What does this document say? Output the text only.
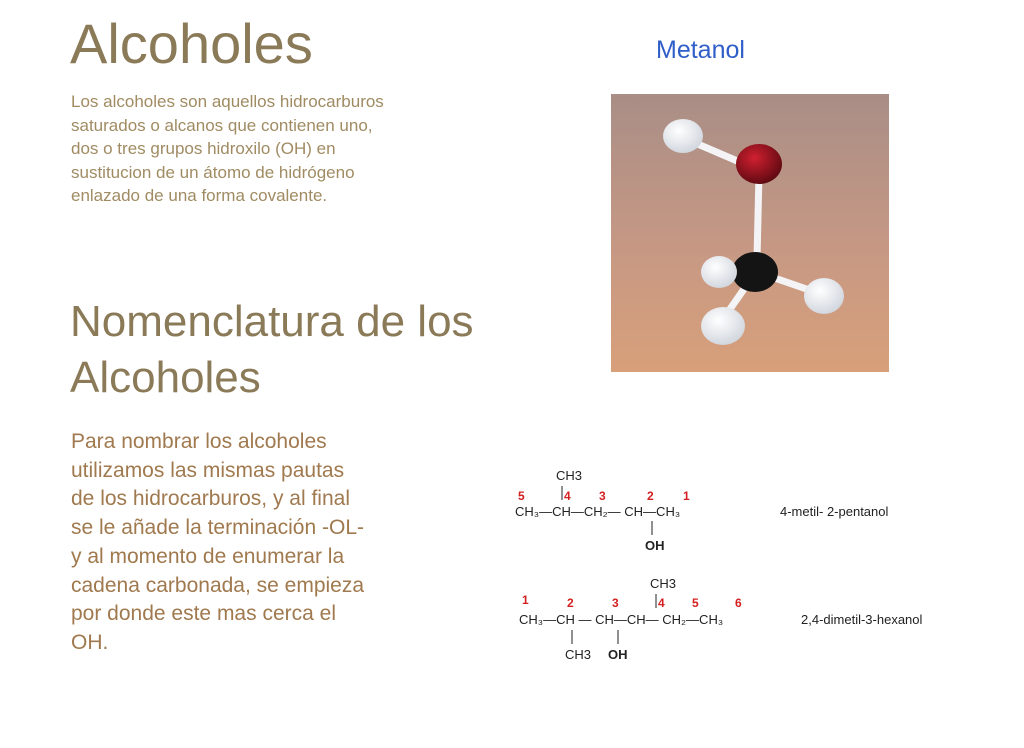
Alcoholes
Los alcoholes son aquellos hidrocarburos saturados o alcanos que contienen uno, dos o tres grupos hidroxilo (OH) en sustitucion de un átomo de hidrógeno enlazado de una forma covalente.
Nomenclatura de los Alcoholes
Para nombrar los alcoholes utilizamos las mismas pautas de los hidrocarburos, y al final se le añade la terminación -OL- y al momento de enumerar la cadena carbonada, se empieza por donde este mas cerca el OH.
Metanol
CH3
5	4 3	2 1
CH₃—CH—CH₂— CH—CH₃
OH
4-metil- 2-pentanol
CH3
1	2	3	4 5	6
CH₃—CH — CH—CH— CH₂—CH₃
CH3 OH
2,4-dimetil-3-hexanol
